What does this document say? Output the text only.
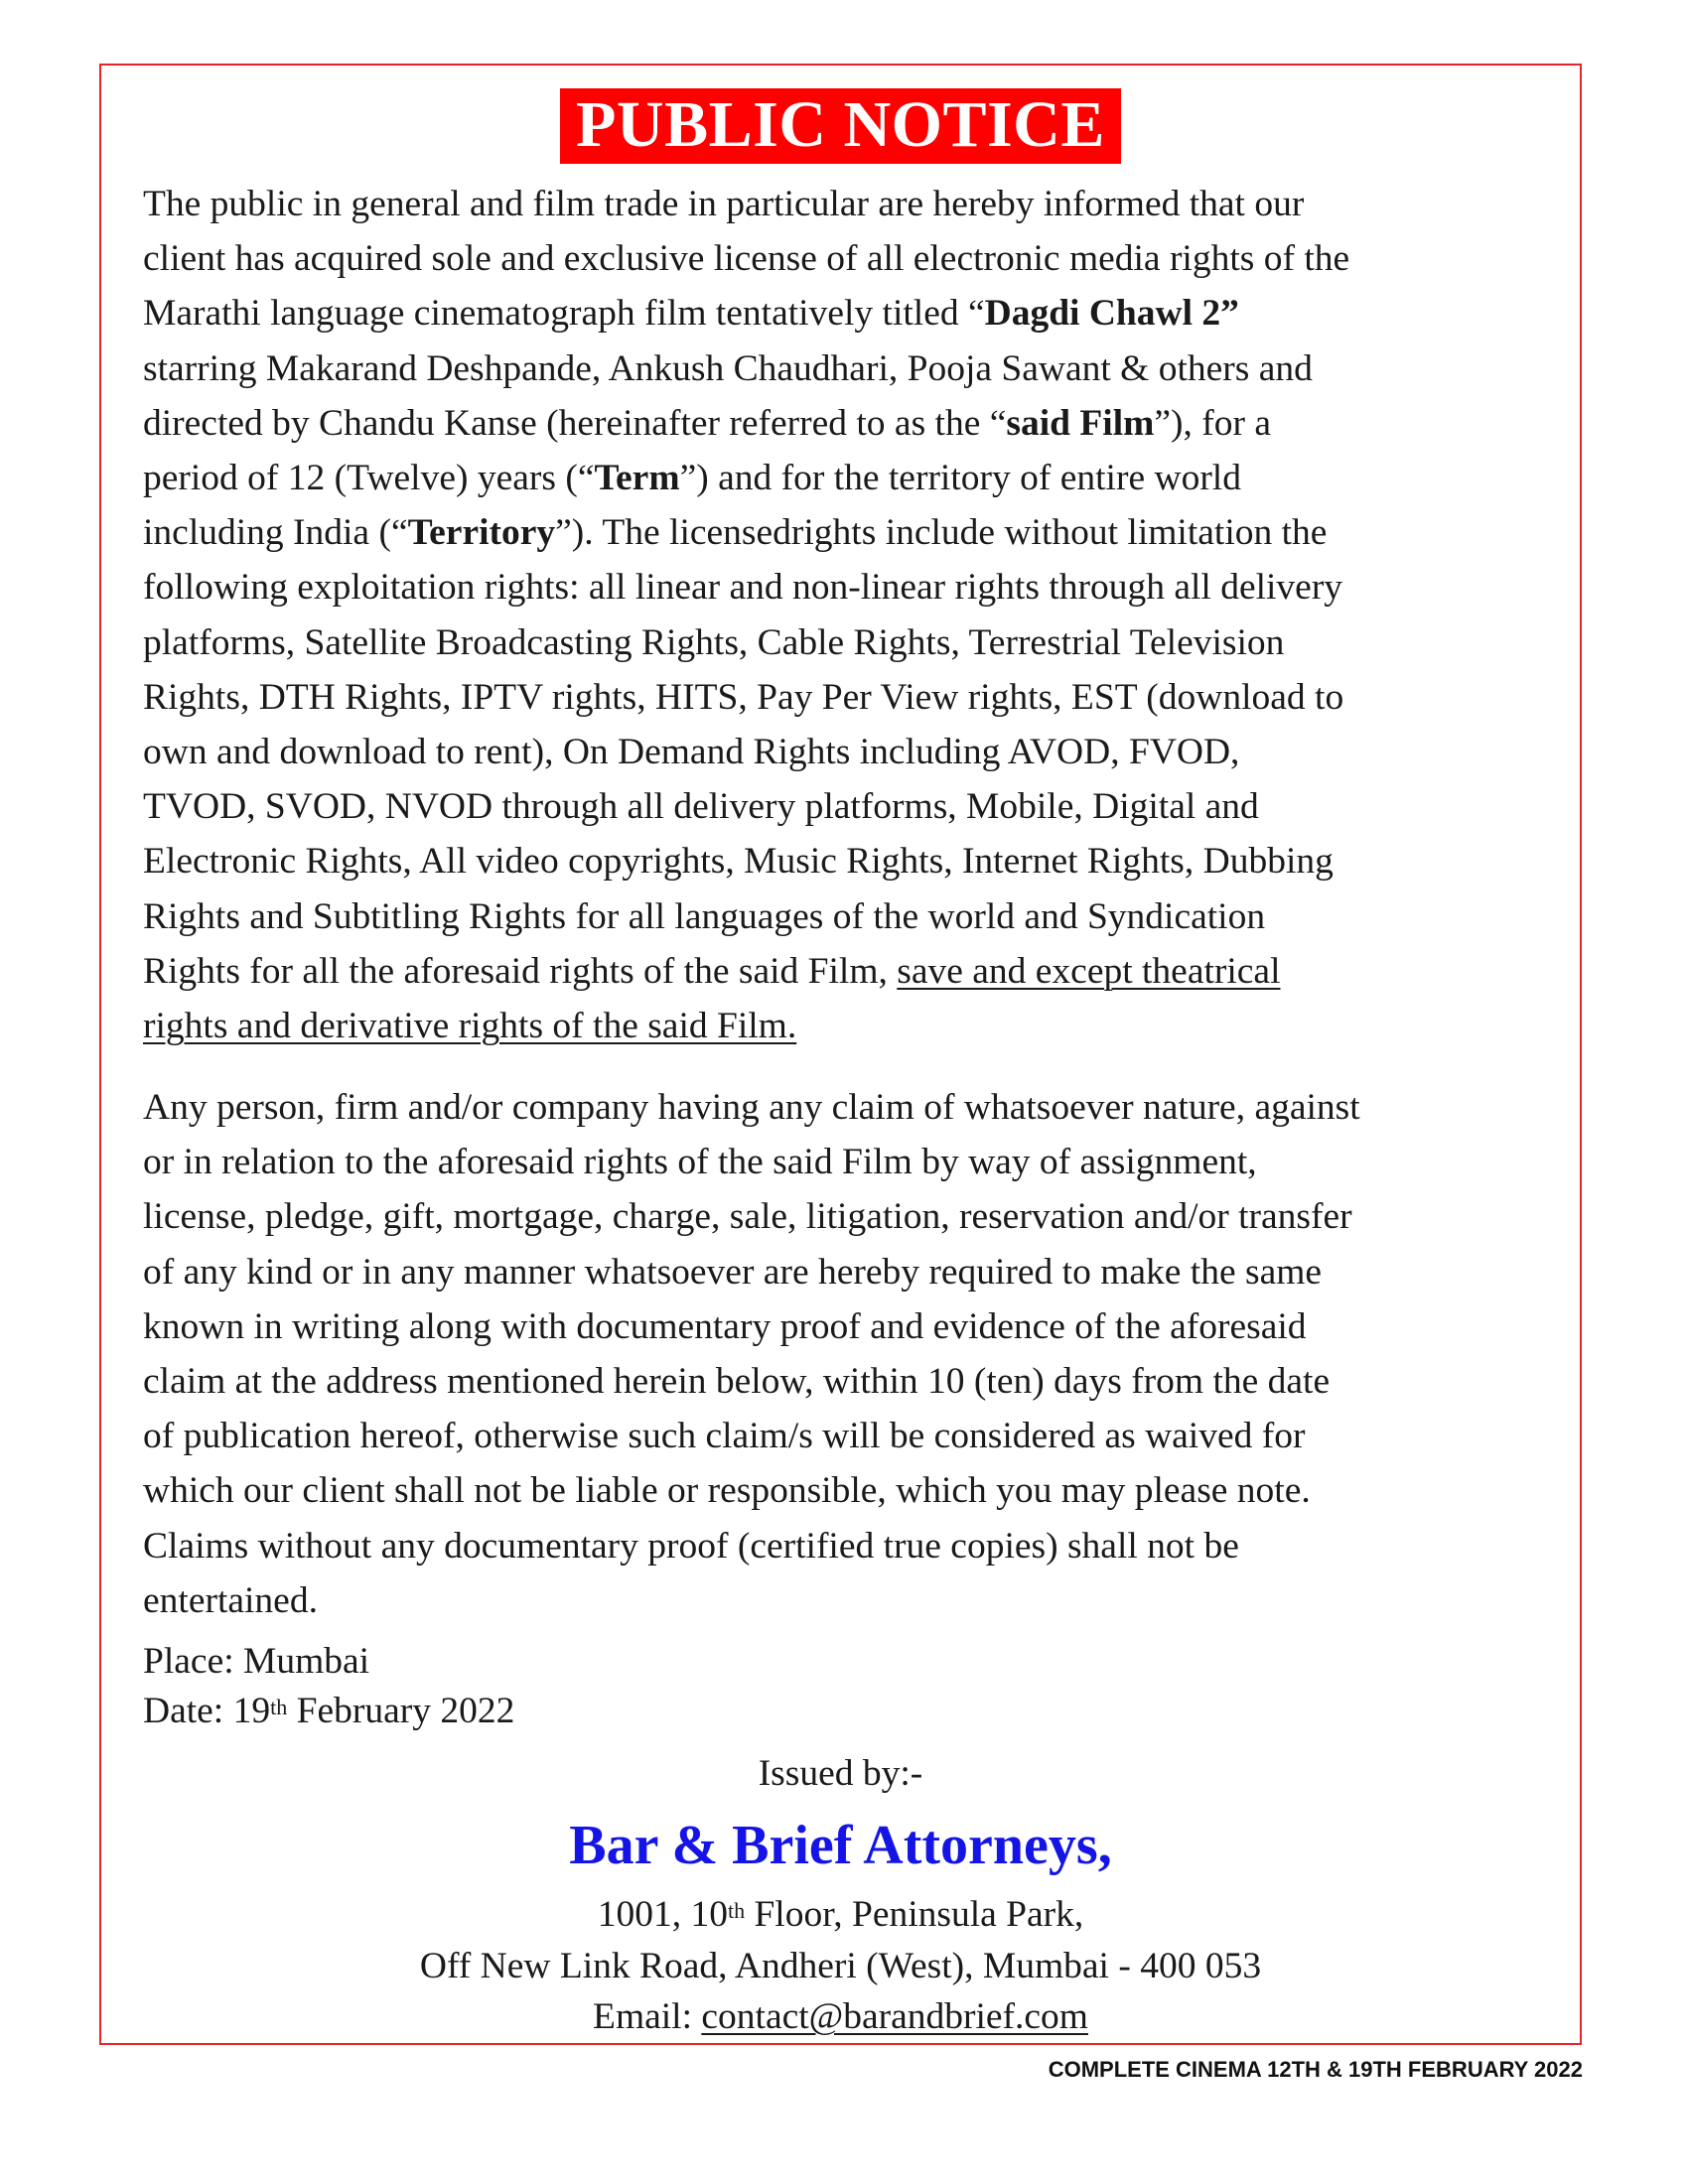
PUBLIC NOTICE
The public in general and film trade in particular are hereby informed that our
client has acquired sole and exclusive license of all electronic media rights of the
Marathi language cinematograph film tentatively titled “Dagdi Chawl 2”
starring Makarand Deshpande, Ankush Chaudhari, Pooja Sawant & others and
directed by Chandu Kanse (hereinafter referred to as the “said Film”), for a
period of 12 (Twelve) years (“Term”) and for the territory of entire world
including India (“Territory”). The licensedrights include without limitation the
following exploitation rights: all linear and non-linear rights through all delivery
platforms, Satellite Broadcasting Rights, Cable Rights, Terrestrial Television
Rights, DTH Rights, IPTV rights, HITS, Pay Per View rights, EST (download to
own and download to rent), On Demand Rights including AVOD, FVOD,
TVOD, SVOD, NVOD through all delivery platforms, Mobile, Digital and
Electronic Rights, All video copyrights, Music Rights, Internet Rights, Dubbing
Rights and Subtitling Rights for all languages of the world and Syndication
Rights for all the aforesaid rights of the said Film, save and except theatrical
rights and derivative rights of the said Film.
Any person, firm and/or company having any claim of whatsoever nature, against
or in relation to the aforesaid rights of the said Film by way of assignment,
license, pledge, gift, mortgage, charge, sale, litigation, reservation and/or transfer
of any kind or in any manner whatsoever are hereby required to make the same
known in writing along with documentary proof and evidence of the aforesaid
claim at the address mentioned herein below, within 10 (ten) days from the date
of publication hereof, otherwise such claim/s will be considered as waived for
which our client shall not be liable or responsible, which you may please note.
Claims without any documentary proof (certified true copies) shall not be
entertained.
Place: Mumbai
Date: 19th February 2022
Issued by:-
Bar & Brief Attorneys,
1001, 10th Floor, Peninsula Park,
Off New Link Road, Andheri (West), Mumbai - 400 053
Email: contact@barandbrief.com
COMPLETE CINEMA 12TH & 19TH FEBRUARY 2022
